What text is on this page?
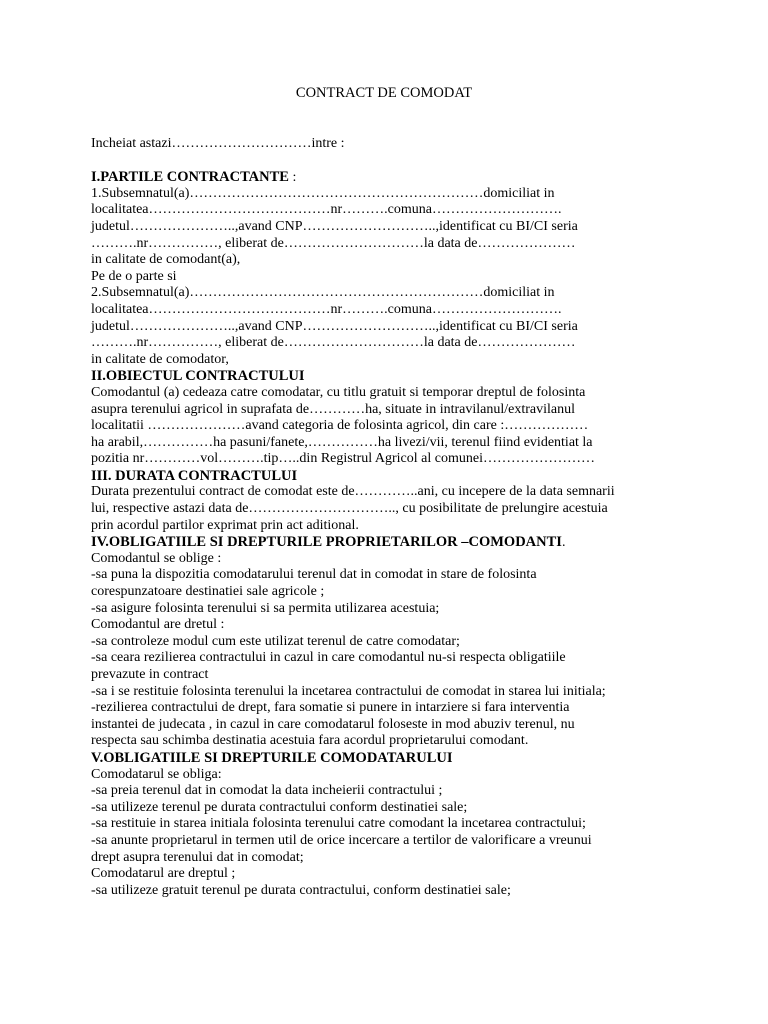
CONTRACT DE COMODAT
Incheiat astazi…………………………intre :
I.PARTILE CONTRACTANTE :
1.Subsemnatul(a)………………………………………………………domiciliat in
localitatea…………………………………nr……….comuna……………………….
judetul…………………..,avand CNP………………………..,identificat cu BI/CI seria
……….nr……………, eliberat de…………………………la data de…………………
in calitate de comodant(a),
Pe de o parte si
2.Subsemnatul(a)………………………………………………………domiciliat in
localitatea…………………………………nr……….comuna……………………….
judetul…………………..,avand CNP………………………..,identificat cu BI/CI seria
……….nr……………, eliberat de…………………………la data de…………………
in calitate de comodator,
II.OBIECTUL CONTRACTULUI
Comodantul (a) cedeaza catre comodatar, cu titlu gratuit si temporar dreptul de folosinta
asupra terenului agricol in suprafata de…………ha, situate in intravilanul/extravilanul
localitatii …………………avand categoria de folosinta agricol, din care :………………
ha arabil,……………ha pasuni/fanete,……………ha livezi/vii, terenul fiind evidentiat la
pozitia nr…………vol……….tip…..din Registrul Agricol al comunei……………………
III. DURATA CONTRACTULUI
Durata prezentului contract de comodat este de…………..ani, cu incepere de la data semnarii
lui, respective astazi data de………………………….., cu posibilitate de prelungire acestuia
prin acordul partilor exprimat prin act aditional.
IV.OBLIGATIILE SI DREPTURILE PROPRIETARILOR –COMODANTI.
Comodantul se oblige :
-sa puna la dispozitia comodatarului terenul dat in comodat in stare de folosinta
corespunzatoare destinatiei sale agricole ;
-sa asigure folosinta terenului si sa permita utilizarea acestuia;
Comodantul are dretul :
-sa controleze modul cum este utilizat terenul de catre comodatar;
-sa ceara rezilierea contractului in cazul in care comodantul nu-si respecta obligatiile
prevazute in contract
-sa i se restituie folosinta terenului la incetarea contractului de comodat in starea lui initiala;
-rezilierea contractului de drept, fara somatie si punere in intarziere si fara interventia
instantei de judecata , in cazul in care comodatarul foloseste in mod abuziv terenul, nu
respecta sau schimba destinatia acestuia fara acordul proprietarului comodant.
V.OBLIGATIILE SI DREPTURILE COMODATARULUI
Comodatarul se obliga:
-sa preia terenul dat in comodat la data incheierii contractului ;
-sa utilizeze terenul pe durata contractului conform destinatiei sale;
-sa restituie in starea initiala folosinta terenului catre comodant la incetarea contractului;
-sa anunte proprietarul in termen util de orice incercare a tertilor de valorificare a vreunui
drept asupra terenului dat in comodat;
Comodatarul are dreptul ;
-sa utilizeze gratuit terenul pe durata contractului, conform destinatiei sale;
